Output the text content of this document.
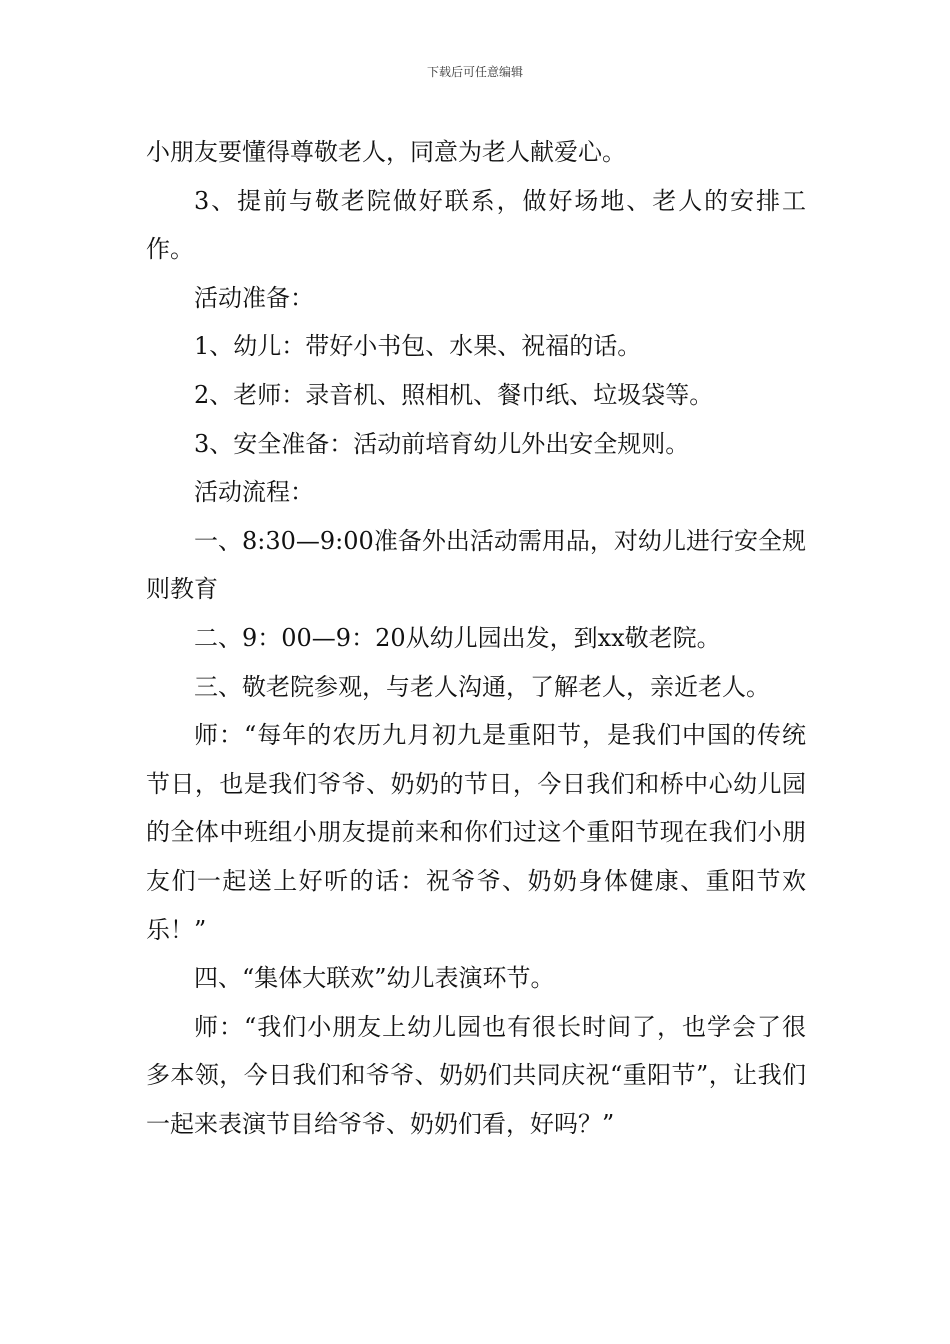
下载后可任意编辑

小朋友要懂得尊敬老人，同意为老人献爱心。

3、提前与敬老院做好联系，做好场地、老人的安排工作。

活动准备：

1、幼儿：带好小书包、水果、祝福的话。

2、老师：录音机、照相机、餐巾纸、垃圾袋等。

3、安全准备：活动前培育幼儿外出安全规则。

活动流程：

一、8:30—9:00准备外出活动需用品，对幼儿进行安全规则教育

二、9：00—9：20从幼儿园出发，到xx敬老院。

三、敬老院参观，与老人沟通，了解老人，亲近老人。

师：“每年的农历九月初九是重阳节，是我们中国的传统节日，也是我们爷爷、奶奶的节日，今日我们和桥中心幼儿园的全体中班组小朋友提前来和你们过这个重阳节现在我们小朋友们一起送上好听的话：祝爷爷、奶奶身体健康、重阳节欢乐！”

四、“集体大联欢”幼儿表演环节。

师：“我们小朋友上幼儿园也有很长时间了，也学会了很多本领，今日我们和爷爷、奶奶们共同庆祝“重阳节”，让我们一起来表演节目给爷爷、奶奶们看，好吗？”
